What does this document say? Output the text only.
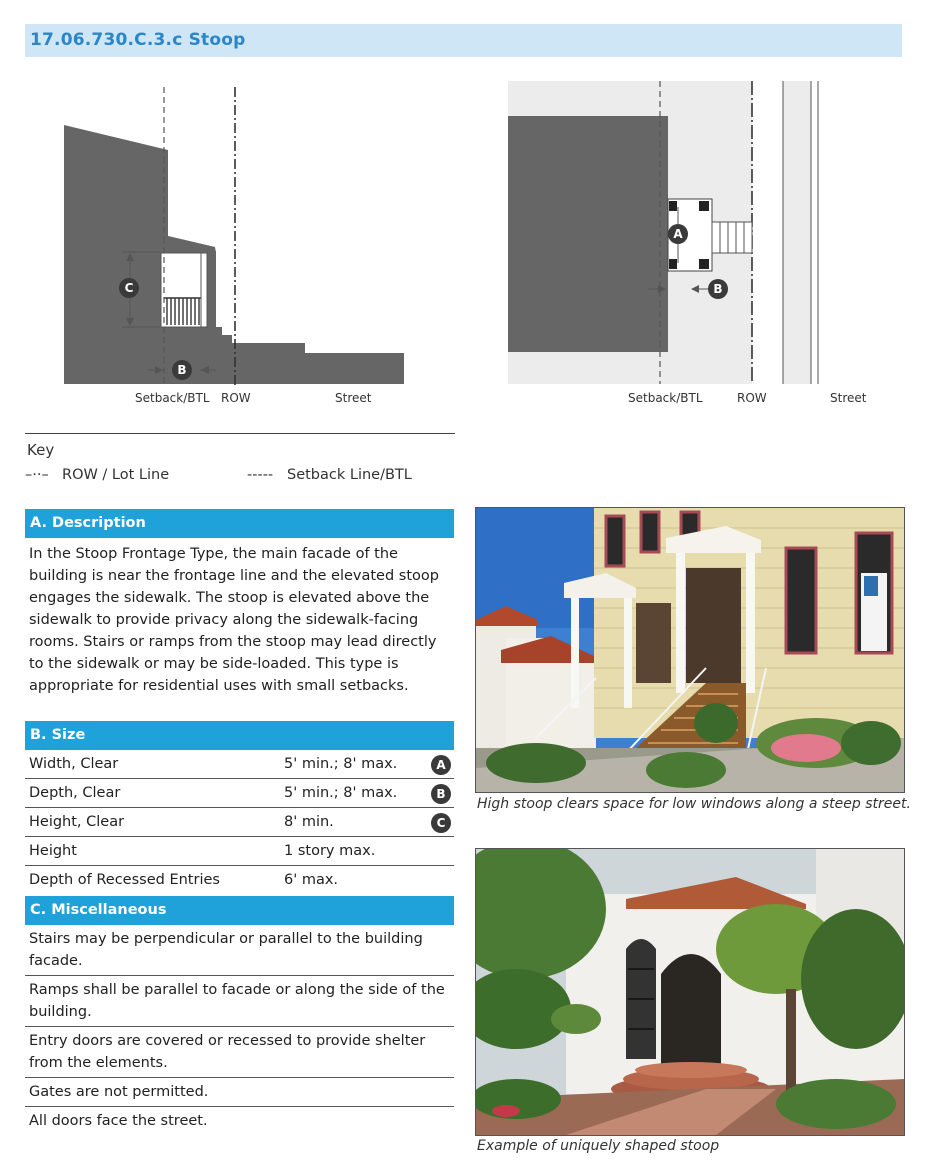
17.06.730.C.3.c Stoop
C
B
Setback/BTL ROW	Street
A
B
Setback/BTL	ROW	Street
Key
–··– ROW / Lot Line	----- Setback Line/BTL
A. Description
In the Stoop Frontage Type, the main facade of the building is near the frontage line and the elevated stoop engages the sidewalk. The stoop is elevated above the sidewalk to provide privacy along the sidewalk-facing rooms. Stairs or ramps from the stoop may lead directly to the sidewalk or may be side-loaded. This type is appropriate for residential uses with small setbacks.
B. Size
Width, Clear	5' min.; 8' max.	A
Depth, Clear	5' min.; 8' max.	B
Height, Clear	8' min.	C
Height	1 story max.
Depth of Recessed Entries	6' max.
C. Miscellaneous
Stairs may be perpendicular or parallel to the building facade.
Ramps shall be parallel to facade or along the side of the building.
Entry doors are covered or recessed to provide shelter from the elements.
Gates are not permitted.
All doors face the street.
High stoop clears space for low windows along a steep street.
Example of uniquely shaped stoop
